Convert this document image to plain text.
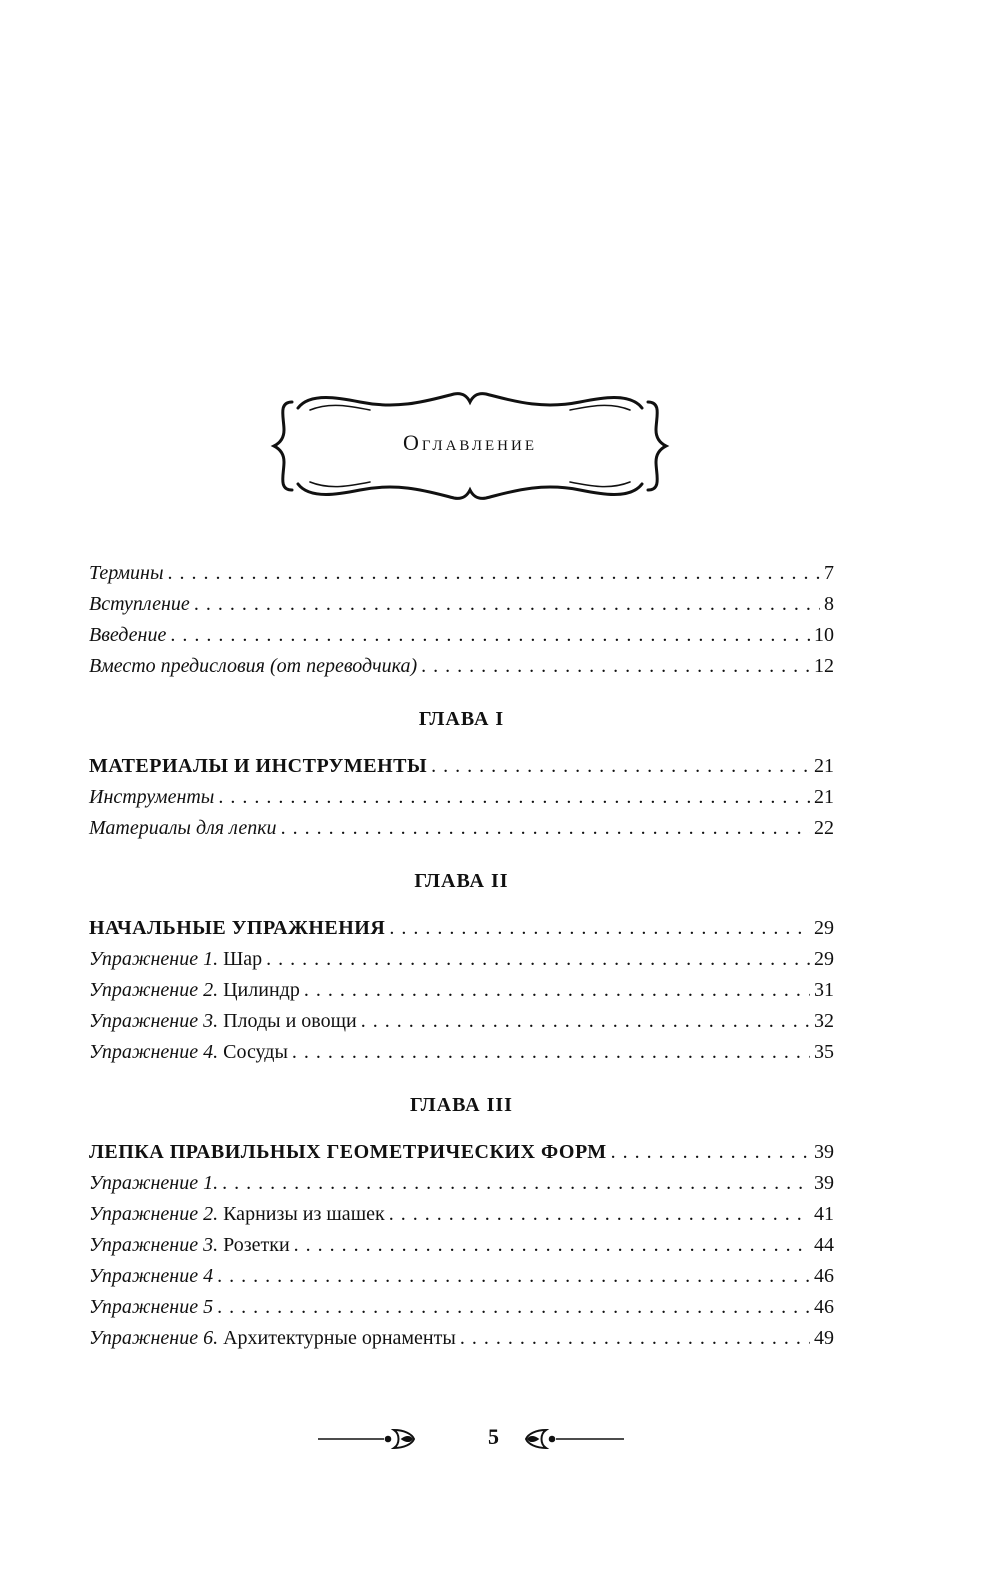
Оглавление
Термины . . .	7
Вступление . . .	8
Введение . . .	10
Вместо предисловия (от переводчика) . . .	12
ГЛАВА I
МАТЕРИАЛЫ И ИНСТРУМЕНТЫ . . .	21
Инструменты . . .	21
Материалы для лепки . . .	22
ГЛАВА II
НАЧАЛЬНЫЕ УПРАЖНЕНИЯ . . .	29
Упражнение 1. Шар . . .	29
Упражнение 2. Цилиндр . . .	31
Упражнение 3. Плоды и овощи . . .	32
Упражнение 4. Сосуды . . .	35
ГЛАВА III
ЛЕПКА ПРАВИЛЬНЫХ ГЕОМЕТРИЧЕСКИХ ФОРМ . . .	39
Упражнение 1. . . .	39
Упражнение 2. Карнизы из шашек . . .	41
Упражнение 3. Розетки . . .	44
Упражнение 4 . . .	46
Упражнение 5 . . .	46
Упражнение 6. Архитектурные орнаменты . . .	49
5
